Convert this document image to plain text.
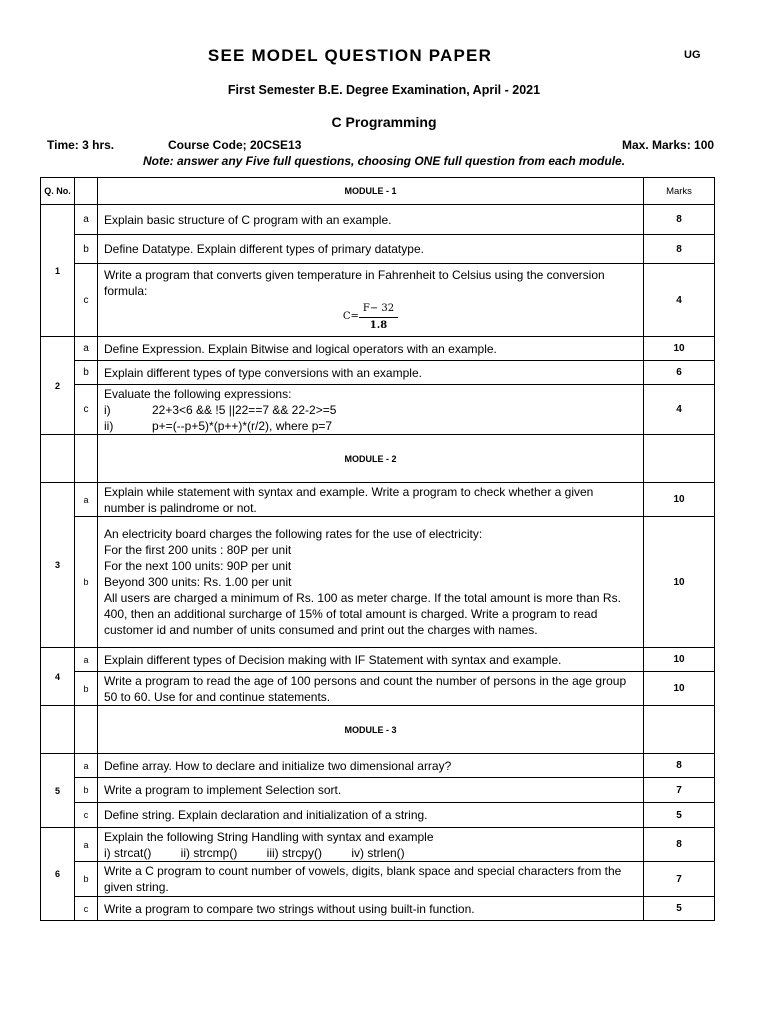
SEE MODEL QUESTION PAPER	UG
First Semester B.E. Degree Examination, April - 2021
C Programming
Time: 3 hrs.	Course Code; 20CSE13	Max. Marks: 100
Note: answer any Five full questions, choosing ONE full question from each module.
Q. No.		MODULE - 1	Marks
1	a	Explain basic structure of C program with an example.	8
	b	Define Datatype. Explain different types of primary datatype.	8
	c	Write a program that converts given temperature in Fahrenheit to Celsius using the conversion formula:
$C= \frac{F- 32}{1.8}$	4
2	a	Define Expression. Explain Bitwise and logical operators with an example.	10
	b	Explain different types of type conversions with an example.	6
	c	Evaluate the following expressions:
i) 22+3<6 && !5 ||22==7 && 22-2>=5
ii) p+=(--p+5)*(p++)*(r/2), where p=7	4
		MODULE - 2	
3	a	Explain while statement with syntax and example. Write a program to check whether a given number is palindrome or not.	10
	b	An electricity board charges the following rates for the use of electricity:
For the first 200 units : 80P per unit
For the next 100 units: 90P per unit
Beyond 300 units: Rs. 1.00 per unit
All users are charged a minimum of Rs. 100 as meter charge. If the total amount is more than Rs. 400, then an additional surcharge of 15% of total amount is charged. Write a program to read customer id and number of units consumed and print out the charges with names.	10
4	a	Explain different types of Decision making with IF Statement with syntax and example.	10
	b	Write a program to read the age of 100 persons and count the number of persons in the age group 50 to 60. Use for and continue statements.	10
		MODULE - 3	
5	a	Define array. How to declare and initialize two dimensional array?	8
	b	Write a program to implement Selection sort.	7
	c	Define string. Explain declaration and initialization of a string.	5
6	a	Explain the following String Handling with syntax and example
i) strcat() ii) strcmp() iii) strcpy() iv) strlen()	8
	b	Write a C program to count number of vowels, digits, blank space and special characters from the given string.	7
	c	Write a program to compare two strings without using built-in function.	5
